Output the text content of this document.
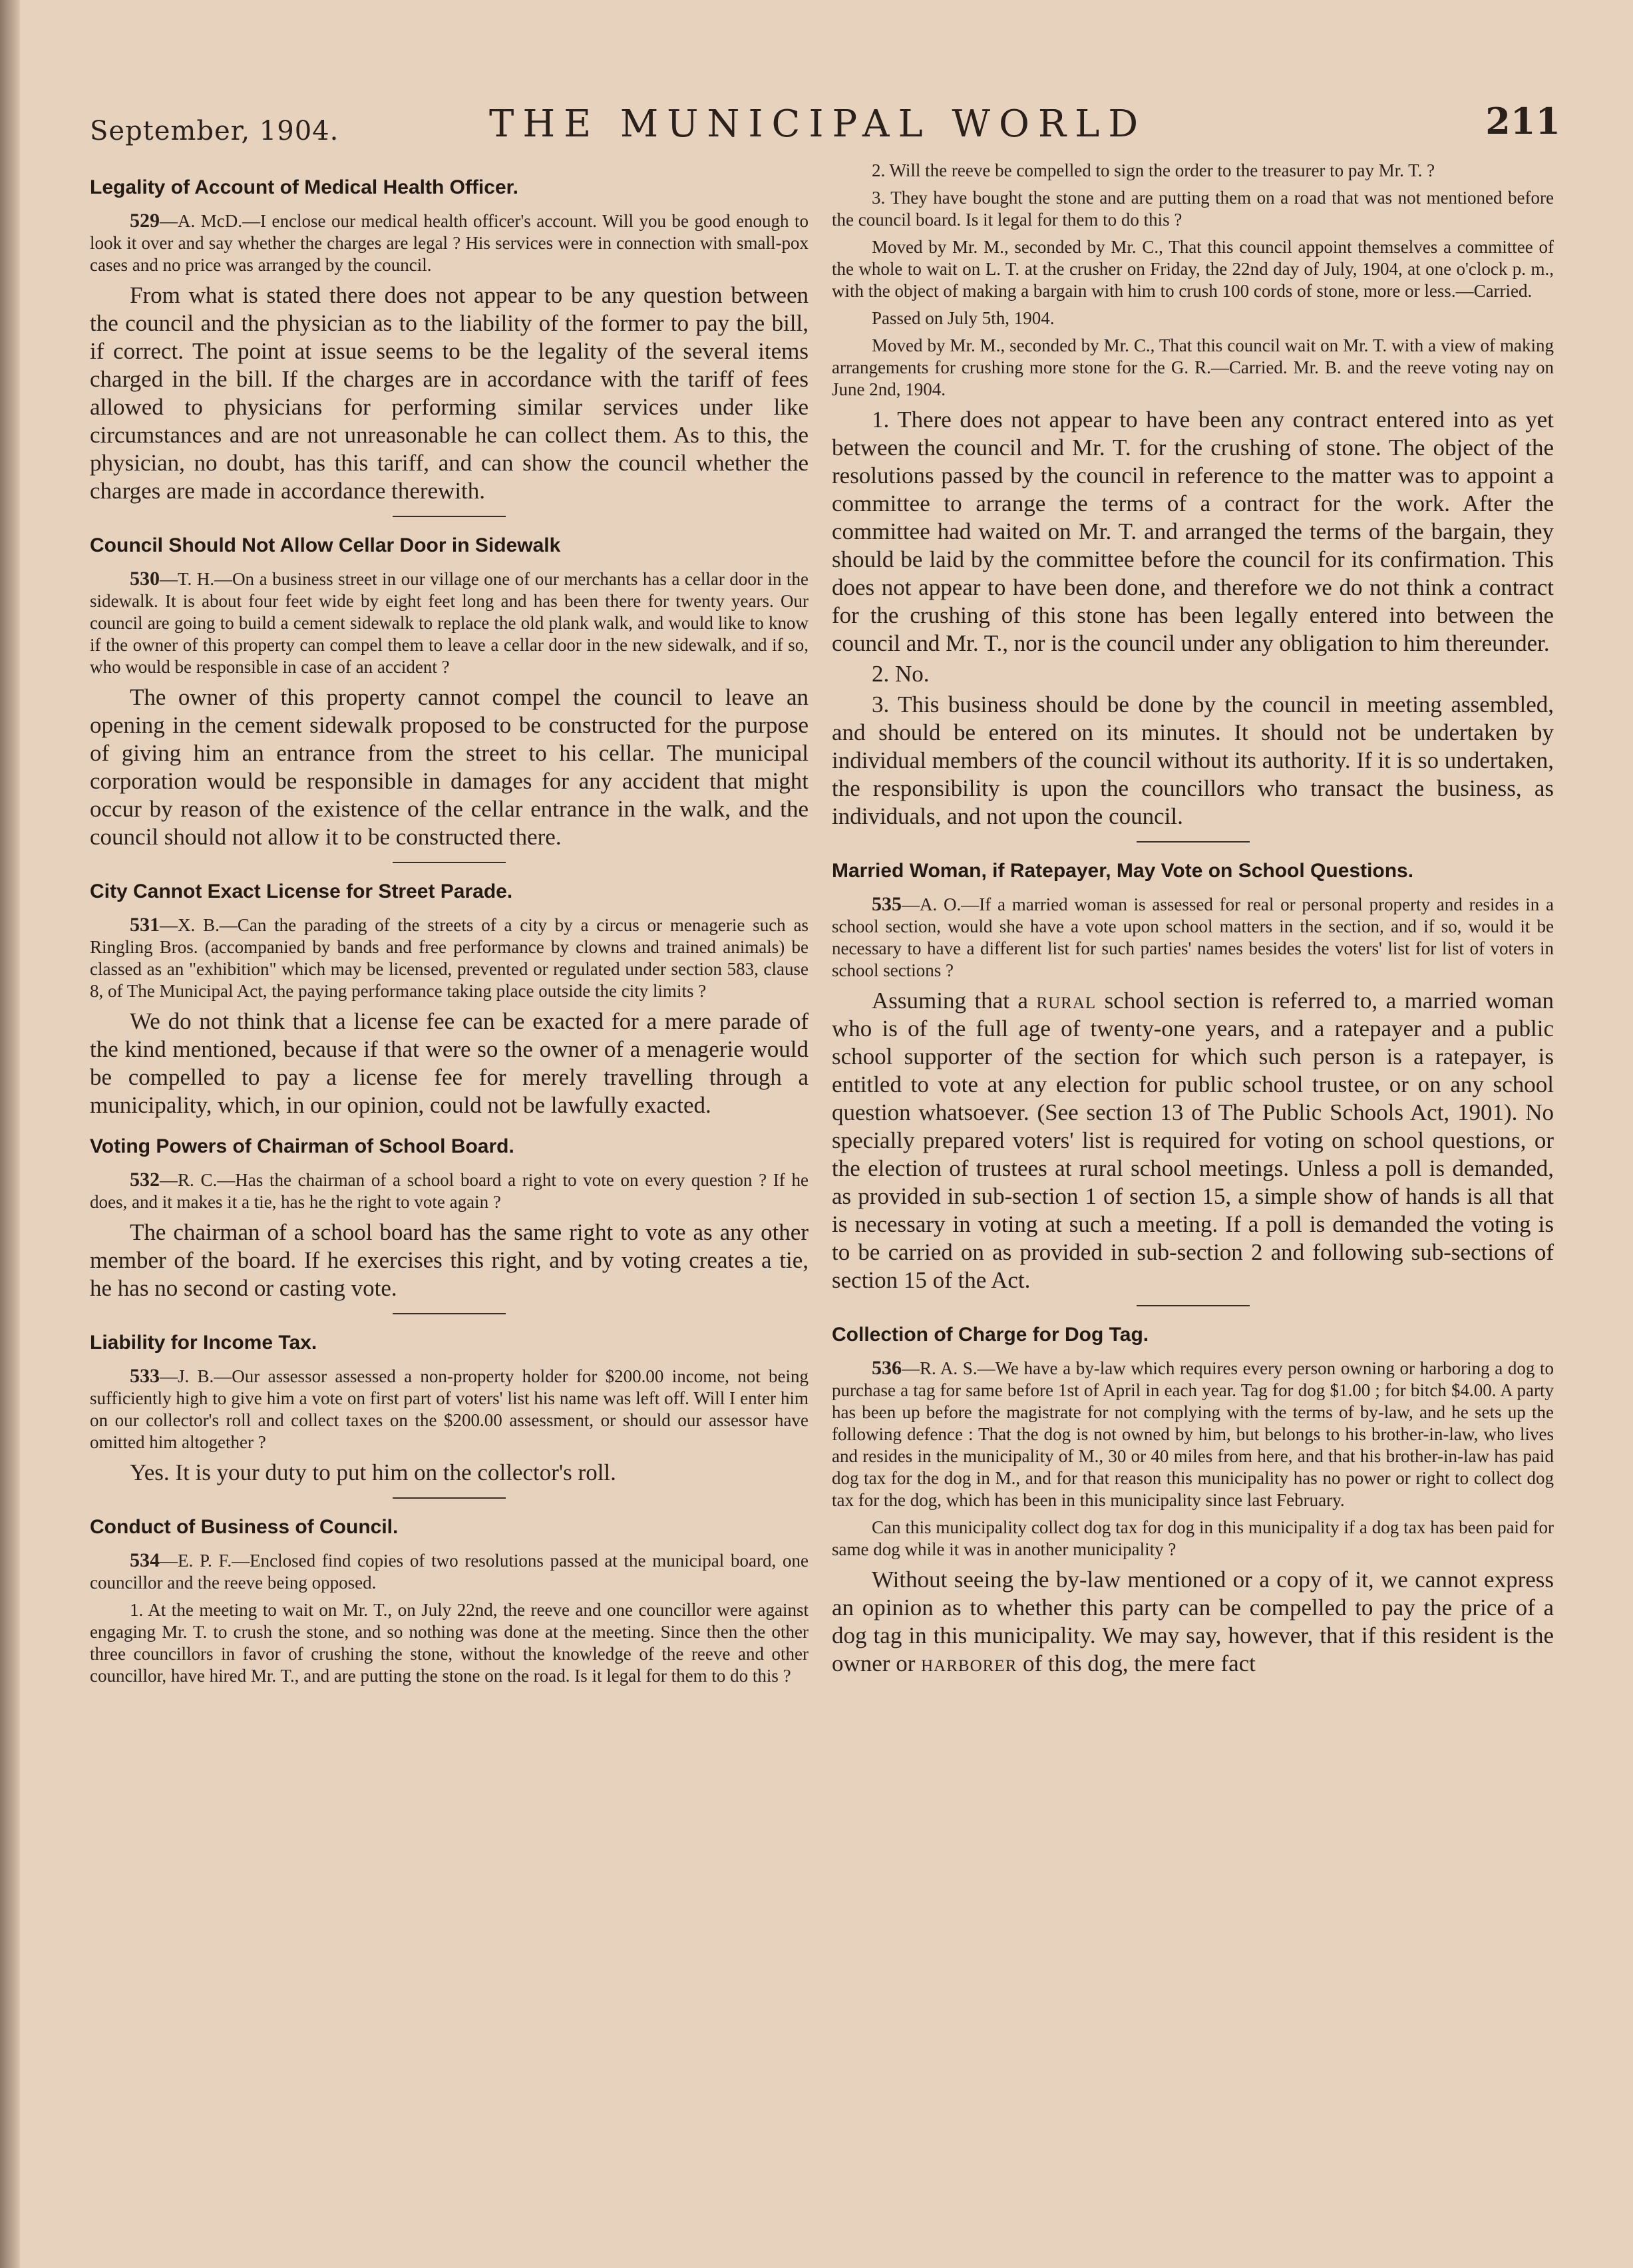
September, 1904.	THE MUNICIPAL WORLD	211
Legality of Account of Medical Health Officer.

529—A. McD.—I enclose our medical health officer's account. Will you be good enough to look it over and say whether the charges are legal ? His services were in connection with small-pox cases and no price was arranged by the council.

From what is stated there does not appear to be any question between the council and the physician as to the liability of the former to pay the bill, if correct. The point at issue seems to be the legality of the several items charged in the bill. If the charges are in accordance with the tariff of fees allowed to physicians for performing similar services under like circumstances and are not unreasonable he can collect them. As to this, the physician, no doubt, has this tariff, and can show the council whether the charges are made in accordance therewith.

Council Should Not Allow Cellar Door in Sidewalk

530—T. H.—On a business street in our village one of our merchants has a cellar door in the sidewalk. It is about four feet wide by eight feet long and has been there for twenty years. Our council are going to build a cement sidewalk to replace the old plank walk, and would like to know if the owner of this property can compel them to leave a cellar door in the new sidewalk, and if so, who would be responsible in case of an accident ?

The owner of this property cannot compel the council to leave an opening in the cement sidewalk proposed to be constructed for the purpose of giving him an entrance from the street to his cellar. The municipal corporation would be responsible in damages for any accident that might occur by reason of the existence of the cellar entrance in the walk, and the council should not allow it to be constructed there.

City Cannot Exact License for Street Parade.

531—X. B.—Can the parading of the streets of a city by a circus or menagerie such as Ringling Bros. (accompanied by bands and free performance by clowns and trained animals) be classed as an "exhibition" which may be licensed, prevented or regulated under section 583, clause 8, of The Municipal Act, the paying performance taking place outside the city limits ?

We do not think that a license fee can be exacted for a mere parade of the kind mentioned, because if that were so the owner of a menagerie would be compelled to pay a license fee for merely travelling through a municipality, which, in our opinion, could not be lawfully exacted.

Voting Powers of Chairman of School Board.

532—R. C.—Has the chairman of a school board a right to vote on every question ? If he does, and it makes it a tie, has he the right to vote again ?

The chairman of a school board has the same right to vote as any other member of the board. If he exercises this right, and by voting creates a tie, he has no second or casting vote.

Liability for Income Tax.

533—J. B.—Our assessor assessed a non-property holder for $200.00 income, not being sufficiently high to give him a vote on first part of voters' list his name was left off. Will I enter him on our collector's roll and collect taxes on the $200.00 assessment, or should our assessor have omitted him altogether ?

Yes. It is your duty to put him on the collector's roll.

Conduct of Business of Council.

534—E. P. F.—Enclosed find copies of two resolutions passed at the municipal board, one councillor and the reeve being opposed.

1. At the meeting to wait on Mr. T., on July 22nd, the reeve and one councillor were against engaging Mr. T. to crush the stone, and so nothing was done at the meeting. Since then the other three councillors in favor of crushing the stone, without the knowledge of the reeve and other councillor, have hired Mr. T., and are putting the stone on the road. Is it legal for them to do this ?

2. Will the reeve be compelled to sign the order to the treasurer to pay Mr. T. ?

3. They have bought the stone and are putting them on a road that was not mentioned before the council board. Is it legal for them to do this ?

Moved by Mr. M., seconded by Mr. C., That this council appoint themselves a committee of the whole to wait on L. T. at the crusher on Friday, the 22nd day of July, 1904, at one o'clock p. m., with the object of making a bargain with him to crush 100 cords of stone, more or less.—Carried.

Passed on July 5th, 1904.

Moved by Mr. M., seconded by Mr. C., That this council wait on Mr. T. with a view of making arrangements for crushing more stone for the G. R.—Carried. Mr. B. and the reeve voting nay on June 2nd, 1904.

1. There does not appear to have been any contract entered into as yet between the council and Mr. T. for the crushing of stone. The object of the resolutions passed by the council in reference to the matter was to appoint a committee to arrange the terms of a contract for the work. After the committee had waited on Mr. T. and arranged the terms of the bargain, they should be laid by the committee before the council for its confirmation. This does not appear to have been done, and therefore we do not think a contract for the crushing of this stone has been legally entered into between the council and Mr. T., nor is the council under any obligation to him thereunder.

2. No.

3. This business should be done by the council in meeting assembled, and should be entered on its minutes. It should not be undertaken by individual members of the council without its authority. If it is so undertaken, the responsibility is upon the councillors who transact the business, as individuals, and not upon the council.

Married Woman, if Ratepayer, May Vote on School Questions.

535—A. O.—If a married woman is assessed for real or personal property and resides in a school section, would she have a vote upon school matters in the section, and if so, would it be necessary to have a different list for such parties' names besides the voters' list for list of voters in school sections ?

Assuming that a rural school section is referred to, a married woman who is of the full age of twenty-one years, and a ratepayer and a public school supporter of the section for which such person is a ratepayer, is entitled to vote at any election for public school trustee, or on any school question whatsoever. (See section 13 of The Public Schools Act, 1901). No specially prepared voters' list is required for voting on school questions, or the election of trustees at rural school meetings. Unless a poll is demanded, as provided in sub-section 1 of section 15, a simple show of hands is all that is necessary in voting at such a meeting. If a poll is demanded the voting is to be carried on as provided in sub-section 2 and following sub-sections of section 15 of the Act.

Collection of Charge for Dog Tag.

536—R. A. S.—We have a by-law which requires every person owning or harboring a dog to purchase a tag for same before 1st of April in each year. Tag for dog $1.00 ; for bitch $4.00. A party has been up before the magistrate for not complying with the terms of by-law, and he sets up the following defence : That the dog is not owned by him, but belongs to his brother-in-law, who lives and resides in the municipality of M., 30 or 40 miles from here, and that his brother-in-law has paid dog tax for the dog in M., and for that reason this municipality has no power or right to collect dog tax for the dog, which has been in this municipality since last February.

Can this municipality collect dog tax for dog in this municipality if a dog tax has been paid for same dog while it was in another municipality ?

Without seeing the by-law mentioned or a copy of it, we cannot express an opinion as to whether this party can be compelled to pay the price of a dog tag in this municipality. We may say, however, that if this resident is the owner or harborer of this dog, the mere fact
